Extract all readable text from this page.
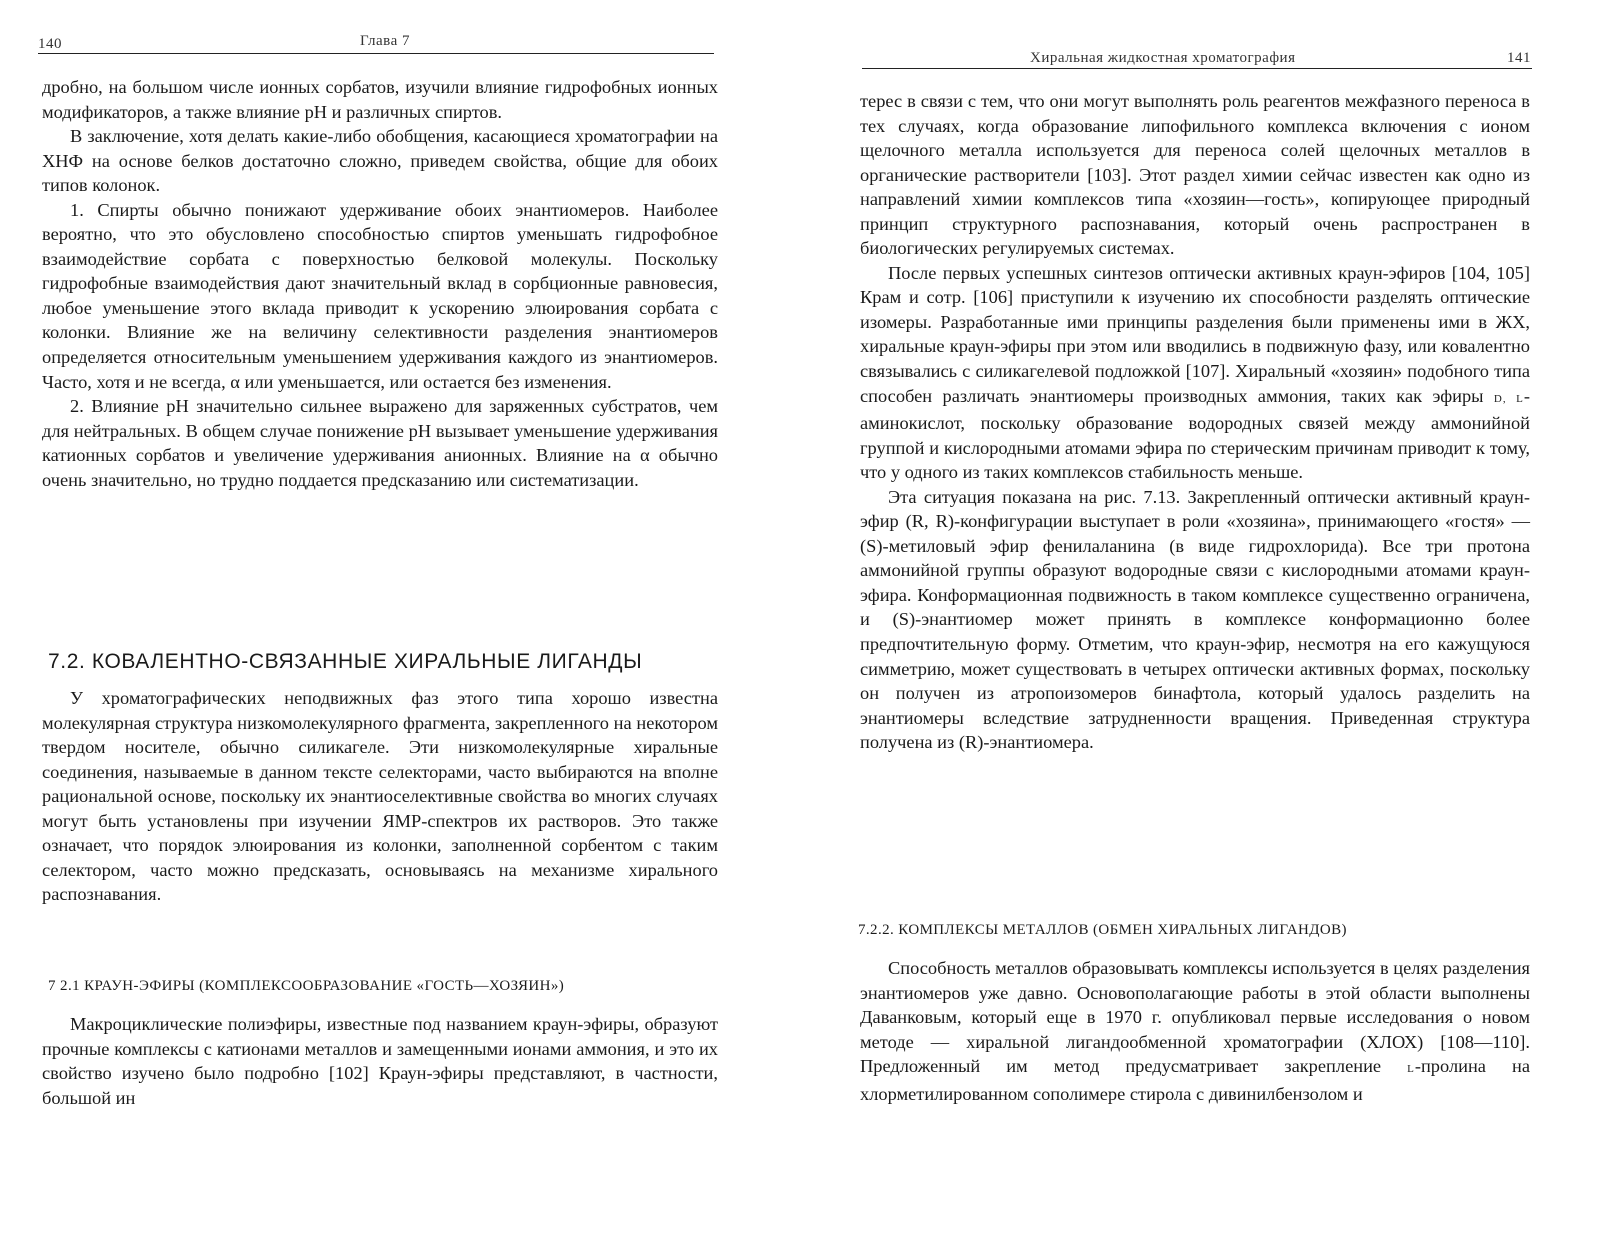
140	Глава 7

дробно, на большом числе ионных сорбатов, изучили влияние гидрофобных ионных модификаторов, а также влияние pH и различных спиртов.

В заключение, хотя делать какие-либо обобщения, касающиеся хроматографии на ХНФ на основе белков достаточно сложно, приведем свойства, общие для обоих типов колонок.

1. Спирты обычно понижают удерживание обоих энантиомеров. Наиболее вероятно, что это обусловлено способностью спиртов уменьшать гидрофобное взаимодействие сорбата с поверхностью белковой молекулы. Поскольку гидрофобные взаимодействия дают значительный вклад в сорбционные равновесия, любое уменьшение этого вклада приводит к ускорению элюирования сорбата с колонки. Влияние же на величину селективности разделения энантиомеров определяется относительным уменьшением удерживания каждого из энантиомеров. Часто, хотя и не всегда, α или уменьшается, или остается без изменения.

2. Влияние pH значительно сильнее выражено для заряженных субстратов, чем для нейтральных. В общем случае понижение pH вызывает уменьшение удерживания катионных сорбатов и увеличение удерживания анионных. Влияние на α обычно очень значительно, но трудно поддается предсказанию или систематизации.

7.2. КОВАЛЕНТНО-СВЯЗАННЫЕ ХИРАЛЬНЫЕ ЛИГАНДЫ

У хроматографических неподвижных фаз этого типа хорошо известна молекулярная структура низкомолекулярного фрагмента, закрепленного на некотором твердом носителе, обычно силикагеле. Эти низкомолекулярные хиральные соединения, называемые в данном тексте селекторами, часто выбираются на вполне рациональной основе, поскольку их энантиоселективные свойства во многих случаях могут быть установлены при изучении ЯМР-спектров их растворов. Это также означает, что порядок элюирования из колонки, заполненной сорбентом с таким селектором, часто можно предсказать, основываясь на механизме хирального распознавания.

7 2.1 КРАУН-ЭФИРЫ (КОМПЛЕКСООБРАЗОВАНИЕ «ГОСТЬ—ХОЗЯИН»)

Макроциклические полиэфиры, известные под названием краун-эфиры, образуют прочные комплексы с катионами металлов и замещенными ионами аммония, и это их свойство изучено было подробно [102] Краун-эфиры представляют, в частности, большой ин

Хиральная жидкостная хроматография	141

терес в связи с тем, что они могут выполнять роль реагентов межфазного переноса в тех случаях, когда образование липофильного комплекса включения с ионом щелочного металла используется для переноса солей щелочных металлов в органические растворители [103]. Этот раздел химии сейчас известен как одно из направлений химии комплексов типа «хозяин—гость», копирующее природный принцип структурного распознавания, который очень распространен в биологических регулируемых системах.

После первых успешных синтезов оптически активных краун-эфиров [104, 105] Крам и сотр. [106] приступили к изучению их способности разделять оптические изомеры. Разработанные ими принципы разделения были применены ими в ЖХ, хиральные краун-эфиры при этом или вводились в подвижную фазу, или ковалентно связывались с силикагелевой подложкой [107]. Хиральный «хозяин» подобного типа способен различать энантиомеры производных аммония, таких как эфиры D, L-аминокислот, поскольку образование водородных связей между аммонийной группой и кислородными атомами эфира по стерическим причинам приводит к тому, что у одного из таких комплексов стабильность меньше.

Эта ситуация показана на рис. 7.13. Закрепленный оптически активный краун-эфир (R, R)-конфигурации выступает в роли «хозяина», принимающего «гостя» — (S)-метиловый эфир фенилаланина (в виде гидрохлорида). Все три протона аммонийной группы образуют водородные связи с кислородными атомами краун-эфира. Конформационная подвижность в таком комплексе существенно ограничена, и (S)-энантиомер может принять в комплексе конформационно более предпочтительную форму. Отметим, что краун-эфир, несмотря на его кажущуюся симметрию, может существовать в четырех оптически активных формах, поскольку он получен из атропоизомеров бинафтола, который удалось разделить на энантиомеры вследствие затрудненности вращения. Приведенная структура получена из (R)-энантиомера.

7.2.2. КОМПЛЕКСЫ МЕТАЛЛОВ (ОБМЕН ХИРАЛЬНЫХ ЛИГАНДОВ)

Способность металлов образовывать комплексы используется в целях разделения энантиомеров уже давно. Основополагающие работы в этой области выполнены Даванковым, который еще в 1970 г. опубликовал первые исследования о новом методе — хиральной лигандообменной хроматографии (ХЛОХ) [108—110]. Предложенный им метод предусматривает закрепление L-пролина на хлорметилированном сополимере стирола с дивинилбензолом и
